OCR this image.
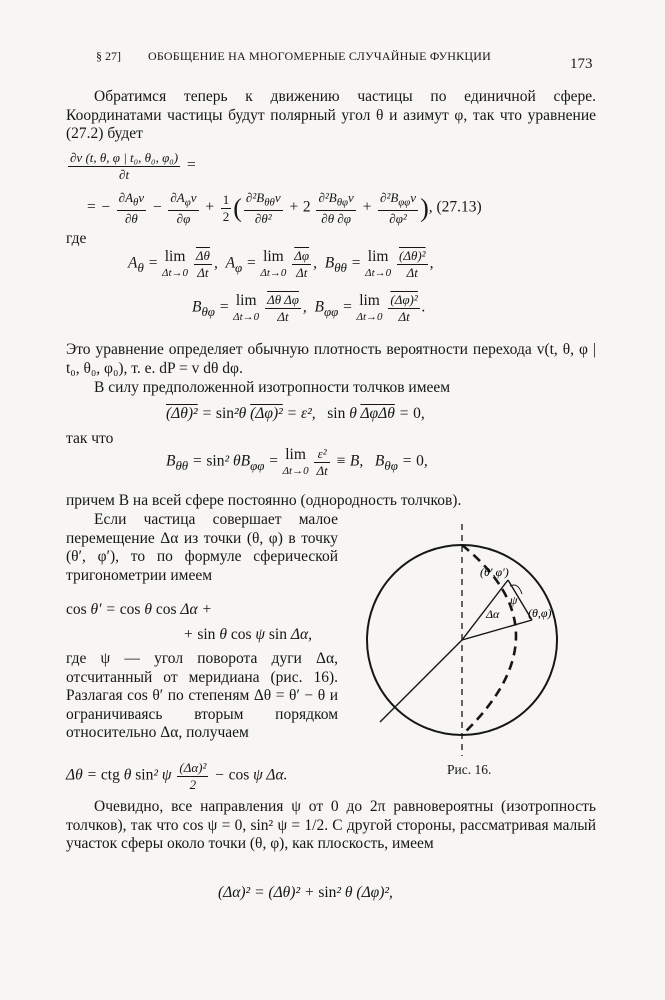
§ 27] ОБОБЩЕНИЕ НА МНОГОМЕРНЫЕ СЛУЧАЙНЫЕ ФУНКЦИИ	173
Обратимся теперь к движению частицы по единичной сфере. Координатами частицы будут полярный угол θ и азимут φ, так что уравнение (27.2) будет
$\frac{\text{∂v (t, θ, φ | t₀, θ₀, φ₀)}}{\partial t}$ =
= − $\frac{\partial A_\theta v}{\partial\theta} - \frac{\partial A_\varphi v}{\partial\varphi} + \frac{1}{2}$ ( $\frac{\partial^2B_{\theta\theta}v}{\text{∂θ²}} + 2 \frac{\partial^2B_{\theta\varphi}v}{\partial\theta \partial\varphi} + \frac{\partial^2B_{\varphi\varphi}v}{\text{∂φ²}}$ ), (27.13)
где
$A_\theta = \lim$
Δt→0
$\frac{\overline{\Delta\theta}}{\Delta t}$ ,  $A_\varphi = \lim$
Δt→0
$\frac{\overline{\Delta\varphi}}{\Delta t}$ ,  $B_{\theta\theta} = \lim$
Δt→0
$\frac{\text{(Δθ)²}}{\Delta t}$ ,
$B_{\theta\varphi} = \lim$
Δt→0
$\frac{\text{Δθ Δφ}}{\Delta t}$ ,  $B_{\varphi\varphi} = \lim$
Δt→0
$\frac{\text{(Δφ)²}}{\Delta t}$ .
Это уравнение определяет обычную плотность вероятности перехода v(t, θ, φ | t₀, θ₀, φ₀), т. е. dP = v dθ dφ.
В силу предположенной изотропности толчков имеем
(Δθ)² = sin²θ (Δφ)² = ε²,   sin θ ΔφΔθ = 0,
так что
$B_{\theta\theta} = \sin^2$ $\theta B_{\varphi\varphi} = \lim$
Δt→0
$\frac{\text{ε²}}{\Delta t} \equiv B$,   $B_{\theta\varphi} = 0$,
причем B на всей сфере постоянно (однородность толчков).
Если частица совершает малое перемещение Δα из точки (θ, φ) в точку (θ′, φ′), то по формуле сферической тригонометрии имеем
cos θ′ = cos θ cos Δα +
+ sin θ cos ψ sin Δα,
где ψ — угол поворота дуги Δα, отсчитанный от меридиана (рис. 16). Разлагая cos θ′ по степеням Δθ = θ′ − θ и ограничиваясь вторым порядком относительно Δα, получаем
Δθ = ctg θ sin² ψ $\frac{\text{(Δα)²}}{2} - \cos \psi$ Δα.
(θ′,φ′)
(θ,φ)
ψ
Δα
Рис. 16.
Очевидно, все направления ψ от 0 до 2π равновероятны (изотропность толчков), так что cos ψ = 0, sin² ψ = 1/2. С другой стороны, рассматривая малый участок сферы около точки (θ, φ), как плоскость, имеем
(Δα)² = (Δθ)² + sin² θ (Δφ)²,
